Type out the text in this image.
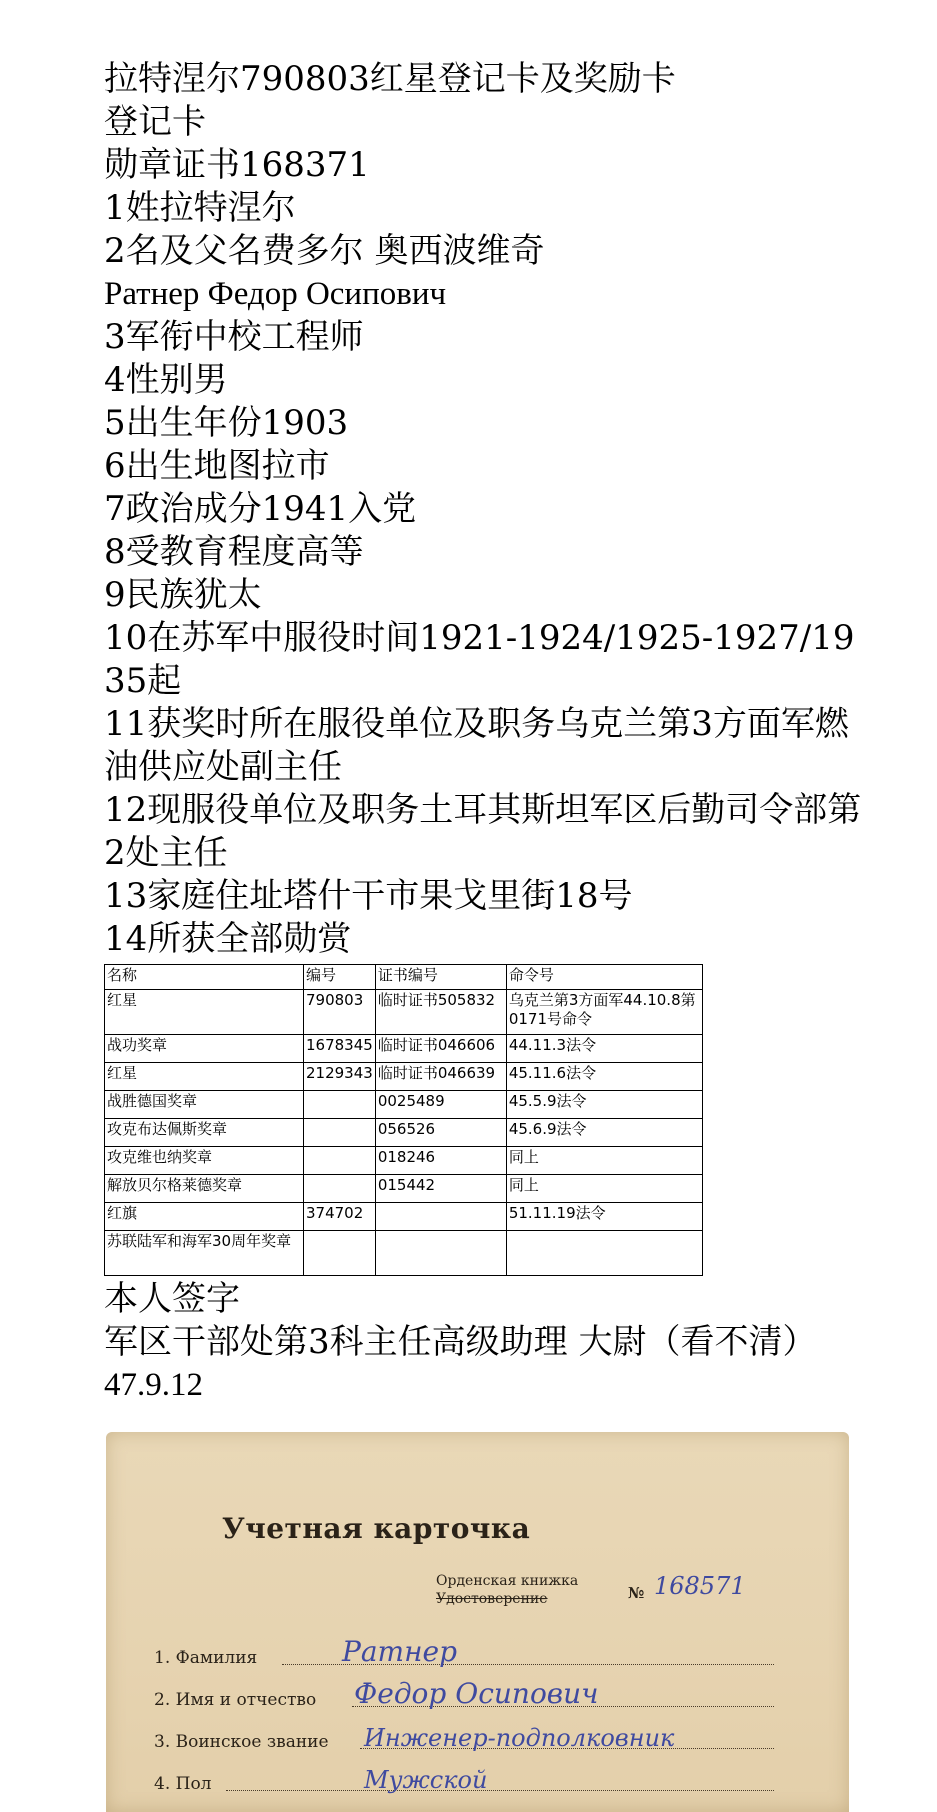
拉特涅尔790803红星登记卡及奖励卡

登记卡

勋章证书168371

1姓拉特涅尔

2名及父名费多尔 奥西波维奇

Ратнер Федор Осипович

3军衔中校工程师

4性别男

5出生年份1903

6出生地图拉市

7政治成分1941入党

8受教育程度高等

9民族犹太

10在苏军中服役时间1921-1924/1925-1927/1935起

11获奖时所在服役单位及职务乌克兰第3方面军燃油供应处副主任

12现服役单位及职务土耳其斯坦军区后勤司令部第2处主任

13家庭住址塔什干市果戈里街18号

14所获全部勋赏

名称	编号	证书编号	命令号
红星	790803	临时证书505832	乌克兰第3方面军44.10.8第0171号命令
战功奖章	1678345	临时证书046606	44.11.3法令
红星	2129343	临时证书046639	45.11.6法令
战胜德国奖章		0025489	45.5.9法令
攻克布达佩斯奖章		056526	45.6.9法令
攻克维也纳奖章		018246	同上
解放贝尔格莱德奖章		015442	同上
红旗	374702		51.11.19法令
苏联陆军和海军30周年奖章			

本人签字

军区干部处第3科主任高级助理 大尉（看不清）

47.9.12

Учетная карточка
Орденская книжка
Удостоверение	№ 168571
1. Фамилия	Ратнер
2. Имя и отчество Федор Осипович
3. Воинское звание Инженер-подполковник
4. Пол	Мужской
